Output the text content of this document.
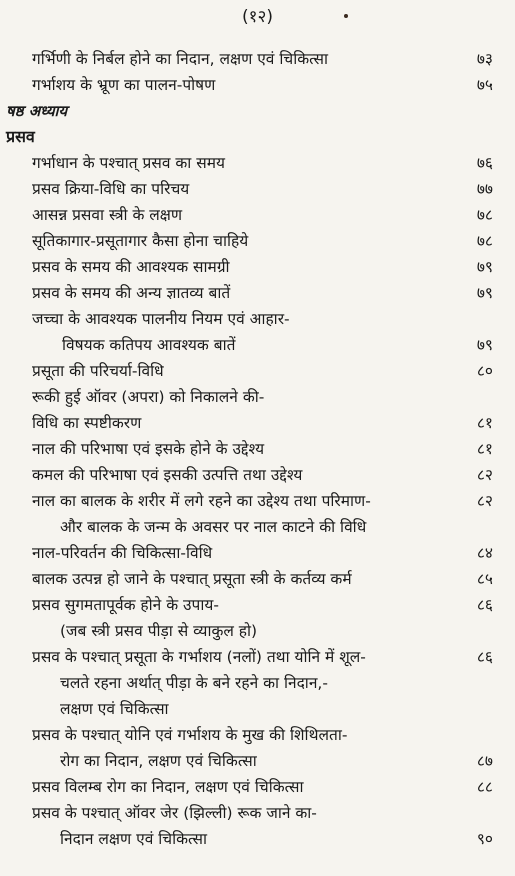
(१२)
गर्भिणी के निर्बल होने का निदान, लक्षण एवं चिकित्सा	७३
गर्भाशय के भ्रूण का पालन-पोषण	७५
षष्ठ अध्याय
प्रसव
गर्भाधान के पश्चात् प्रसव का समय	७६
प्रसव क्रिया-विधि का परिचय	७७
आसन्न प्रसवा स्त्री के लक्षण	७८
सूतिकागार-प्रसूतागार कैसा होना चाहिये	७८
प्रसव के समय की आवश्यक सामग्री	७९
प्रसव के समय की अन्य ज्ञातव्य बातें	७९
जच्चा के आवश्यक पालनीय नियम एवं आहार-
विषयक कतिपय आवश्यक बातें	७९
प्रसूता की परिचर्या-विधि	८०
रूकी हुई ऑवर (अपरा) को निकालने की-
विधि का स्पष्टीकरण	८१
नाल की परिभाषा एवं इसके होने के उद्देश्य	८१
कमल की परिभाषा एवं इसकी उत्पत्ति तथा उद्देश्य	८२
नाल का बालक के शरीर में लगे रहने का उद्देश्य तथा परिमाण-	८२
और बालक के जन्म के अवसर पर नाल काटने की विधि
नाल-परिवर्तन की चिकित्सा-विधि	८४
बालक उत्पन्न हो जाने के पश्चात् प्रसूता स्त्री के कर्तव्य कर्म	८५
प्रसव सुगमतापूर्वक होने के उपाय-	८६
(जब स्त्री प्रसव पीड़ा से व्याकुल हो)
प्रसव के पश्चात् प्रसूता के गर्भाशय (नलों) तथा योनि में शूल-	८६
चलते रहना अर्थात् पीड़ा के बने रहने का निदान,-
लक्षण एवं चिकित्सा
प्रसव के पश्चात् योनि एवं गर्भाशय के मुख की शिथिलता-
रोग का निदान, लक्षण एवं चिकित्सा	८७
प्रसव विलम्ब रोग का निदान, लक्षण एवं चिकित्सा	८८
प्रसव के पश्चात् ऑवर जेर (झिल्ली) रूक जाने का-
निदान लक्षण एवं चिकित्सा	९०
